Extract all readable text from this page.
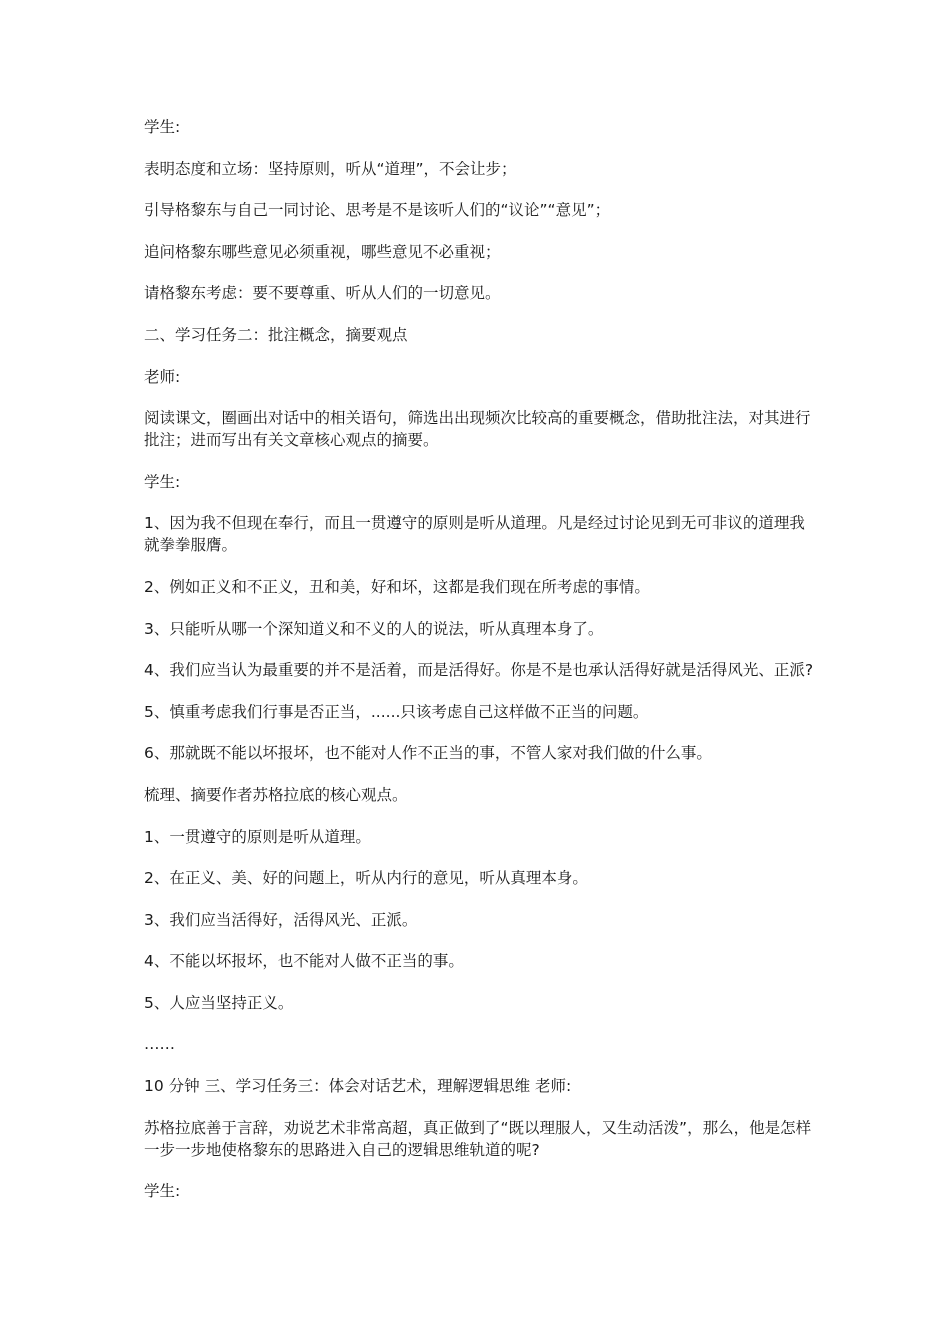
学生:

表明态度和立场：坚持原则，听从“道理”，不会让步；

引导格黎东与自己一同讨论、思考是不是该听人们的“议论”“意见”；

追问格黎东哪些意见必须重视，哪些意见不必重视；

请格黎东考虑：要不要尊重、听从人们的一切意见。

二、学习任务二：批注概念，摘要观点

老师:

阅读课文，圈画出对话中的相关语句，筛选出出现频次比较高的重要概念，借助批注法，对其进行批注；进而写出有关文章核心观点的摘要。

学生:

1、因为我不但现在奉行，而且一贯遵守的原则是听从道理。凡是经过讨论见到无可非议的道理我就拳拳服膺。

2、例如正义和不正义，丑和美，好和坏，这都是我们现在所考虑的事情。

3、只能听从哪一个深知道义和不义的人的说法，听从真理本身了。

4、我们应当认为最重要的并不是活着，而是活得好。你是不是也承认活得好就是活得风光、正派?

5、慎重考虑我们行事是否正当，......只该考虑自己这样做不正当的问题。

6、那就既不能以坏报坏，也不能对人作不正当的事，不管人家对我们做的什么事。

梳理、摘要作者苏格拉底的核心观点。

1、一贯遵守的原则是听从道理。

2、在正义、美、好的问题上，听从内行的意见，听从真理本身。

3、我们应当活得好，活得风光、正派。

4、不能以坏报坏，也不能对人做不正当的事。

5、人应当坚持正义。

……

10 分钟 三、学习任务三：体会对话艺术，理解逻辑思维 老师:

苏格拉底善于言辞，劝说艺术非常高超，真正做到了“既以理服人，又生动活泼”，那么，他是怎样一步一步地使格黎东的思路进入自己的逻辑思维轨道的呢?

学生:
